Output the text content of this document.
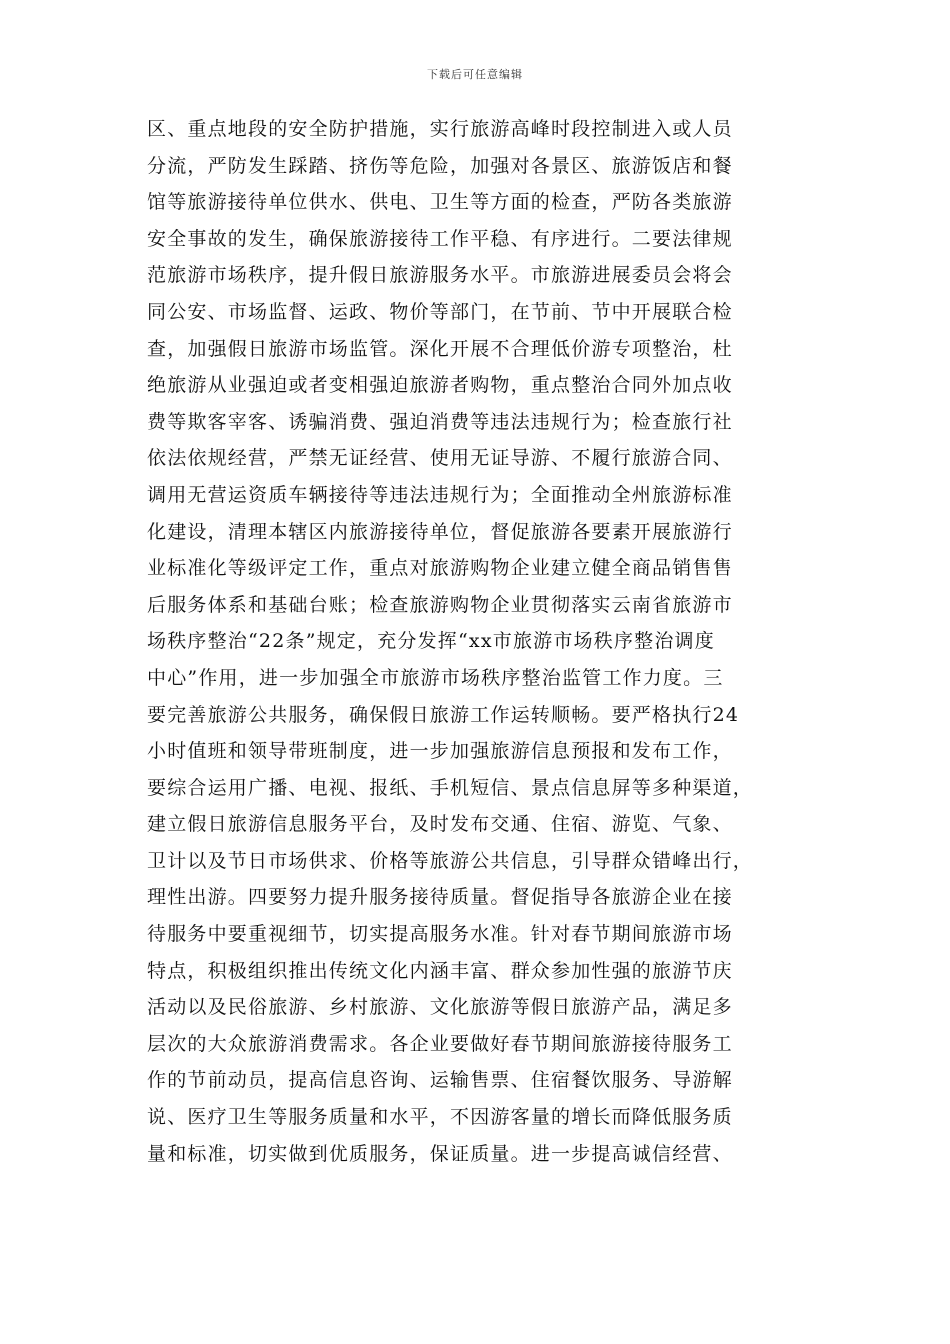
下载后可任意编辑
区、重点地段的安全防护措施，实行旅游高峰时段控制进入或人员
分流，严防发生踩踏、挤伤等危险，加强对各景区、旅游饭店和餐
馆等旅游接待单位供水、供电、卫生等方面的检查，严防各类旅游
安全事故的发生，确保旅游接待工作平稳、有序进行。二要法律规
范旅游市场秩序，提升假日旅游服务水平。市旅游进展委员会将会
同公安、市场监督、运政、物价等部门，在节前、节中开展联合检
查，加强假日旅游市场监管。深化开展不合理低价游专项整治，杜
绝旅游从业强迫或者变相强迫旅游者购物，重点整治合同外加点收
费等欺客宰客、诱骗消费、强迫消费等违法违规行为；检查旅行社
依法依规经营，严禁无证经营、使用无证导游、不履行旅游合同、
调用无营运资质车辆接待等违法违规行为；全面推动全州旅游标准
化建设，清理本辖区内旅游接待单位，督促旅游各要素开展旅游行
业标准化等级评定工作，重点对旅游购物企业建立健全商品销售售
后服务体系和基础台账；检查旅游购物企业贯彻落实云南省旅游市
场秩序整治“22条”规定，充分发挥“xx市旅游市场秩序整治调度
中心”作用，进一步加强全市旅游市场秩序整治监管工作力度。三
要完善旅游公共服务，确保假日旅游工作运转顺畅。要严格执行24
小时值班和领导带班制度，进一步加强旅游信息预报和发布工作，
要综合运用广播、电视、报纸、手机短信、景点信息屏等多种渠道，
建立假日旅游信息服务平台，及时发布交通、住宿、游览、气象、
卫计以及节日市场供求、价格等旅游公共信息，引导群众错峰出行，
理性出游。四要努力提升服务接待质量。督促指导各旅游企业在接
待服务中要重视细节，切实提高服务水准。针对春节期间旅游市场
特点，积极组织推出传统文化内涵丰富、群众参加性强的旅游节庆
活动以及民俗旅游、乡村旅游、文化旅游等假日旅游产品，满足多
层次的大众旅游消费需求。各企业要做好春节期间旅游接待服务工
作的节前动员，提高信息咨询、运输售票、住宿餐饮服务、导游解
说、医疗卫生等服务质量和水平，不因游客量的增长而降低服务质
量和标准，切实做到优质服务，保证质量。进一步提高诚信经营、
